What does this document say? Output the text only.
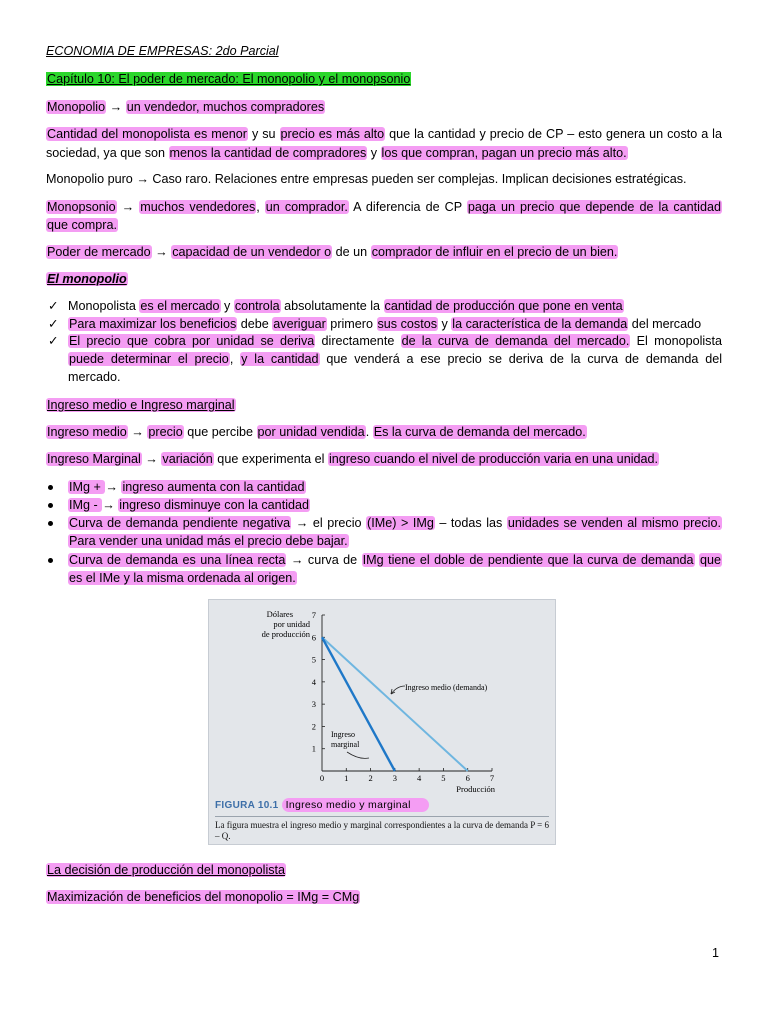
ECONOMIA DE EMPRESAS: 2do Parcial
Capítulo 10: El poder de mercado: El monopolio y el monopsonio
Monopolio → un vendedor, muchos compradores
Cantidad del monopolista es menor y su precio es más alto que la cantidad y precio de CP – esto genera un costo a la
sociedad, ya que son menos la cantidad de compradores y los que compran, pagan un precio más alto.
Monopolio puro → Caso raro. Relaciones entre empresas pueden ser complejas. Implican decisiones estratégicas.
Monopsonio → muchos vendedores, un comprador. A diferencia de CP paga un precio que depende de la cantidad
que compra.
Poder de mercado → capacidad de un vendedor o de un comprador de influir en el precio de un bien.
El monopolio
✓ Monopolista es el mercado y controla absolutamente la cantidad de producción que pone en venta
✓ Para maximizar los beneficios debe averiguar primero sus costos y la característica de la demanda del mercado
✓ El precio que cobra por unidad se deriva directamente de la curva de demanda del mercado. El monopolista
puede determinar el precio, y la cantidad que venderá a ese precio se deriva de la curva de demanda del
mercado.
Ingreso medio e Ingreso marginal
Ingreso medio → precio que percibe por unidad vendida. Es la curva de demanda del mercado.
Ingreso Marginal → variación que experimenta el ingreso cuando el nivel de producción varia en una unidad.
IMg + → ingreso aumenta con la cantidad
IMg - → ingreso disminuye con la cantidad
Curva de demanda pendiente negativa → el precio (IMe) > IMg – todas las unidades se venden al mismo precio.
Para vender una unidad más el precio debe bajar.
Curva de demanda es una línea recta → curva de IMg tiene el doble de pendiente que la curva de demanda que
es el IMe y la misma ordenada al origen.
Dólares
por unidad
de producción
0 1 2 3 4 5 6 7
1
2
3
4
5
6
7
Producción
Ingreso medio (demanda)
Ingreso
marginal
FIGURA 10.1 Ingreso medio y marginal
La figura muestra el ingreso medio y marginal correspondientes a la curva de demanda P = 6 – Q.
La decisión de producción del monopolista
Maximización de beneficios del monopolio = IMg = CMg
1
